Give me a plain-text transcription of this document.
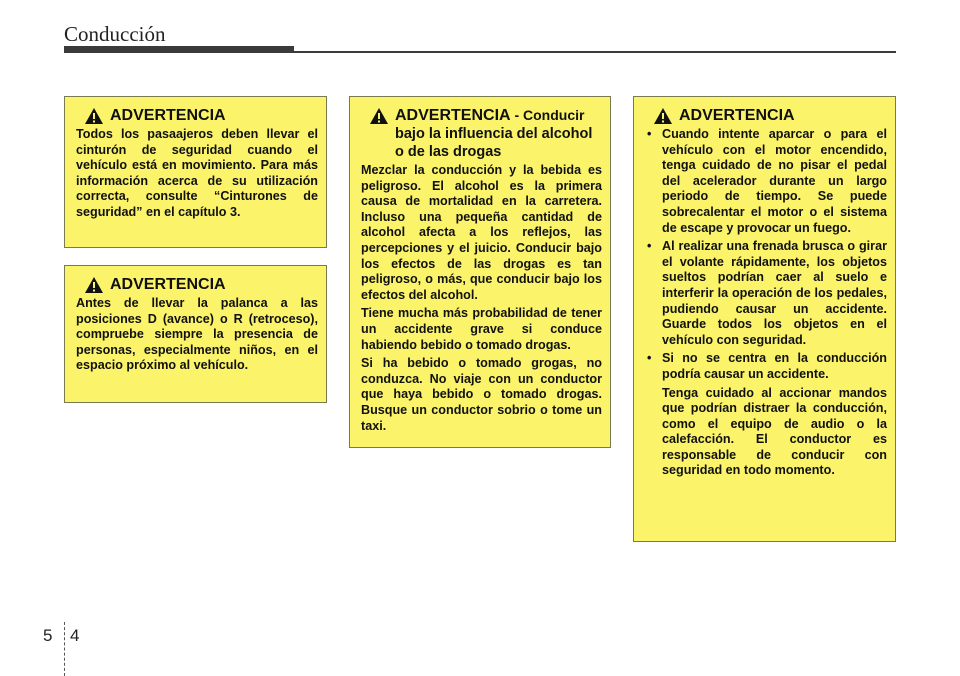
Conducción
ADVERTENCIA
Todos los pasaajeros deben llevar el cinturón de seguridad cuando el vehículo está en movimiento. Para más información acerca de su utilización correcta, consulte “Cinturones de seguridad” en el capítulo 3.
ADVERTENCIA
Antes de llevar la palanca a las posiciones D (avance) o R (retroceso), compruebe siempre la presencia de personas, especialmente niños, en el espacio próximo al vehículo.
ADVERTENCIA - Conducir
bajo la influencia del alcohol o de las drogas

Mezclar la conducción y la bebida es peligroso. El alcohol es la primera causa de mortalidad en la carretera. Incluso una pequeña cantidad de alcohol afecta a los reflejos, las percepciones y el juicio. Conducir bajo los efectos de las drogas es tan peligroso, o más, que conducir bajo los efectos del alcohol.

Tiene mucha más probabilidad de tener un accidente grave si conduce habiendo bebido o tomado drogas.

Si ha bebido o tomado grogas, no conduzca. No viaje con un conductor que haya bebido o tomado drogas. Busque un conductor sobrio o tome un taxi.

ADVERTENCIA
• Cuando intente aparcar o para el vehículo con el motor encendido, tenga cuidado de no pisar el pedal del acelerador durante un largo periodo de tiempo. Se puede sobrecalentar el motor o el sistema de escape y provocar un fuego.
• Al realizar una frenada brusca o girar el volante rápidamente, los objetos sueltos podrían caer al suelo e interferir la operación de los pedales, pudiendo causar un accidente. Guarde todos los objetos en el vehículo con seguridad.
• Si no se centra en la conducción podría causar un accidente.

Tenga cuidado al accionar mandos que podrían distraer la conducción, como el equipo de audio o la calefacción. El conductor es responsable de conducir con seguridad en todo momento.

5 4
